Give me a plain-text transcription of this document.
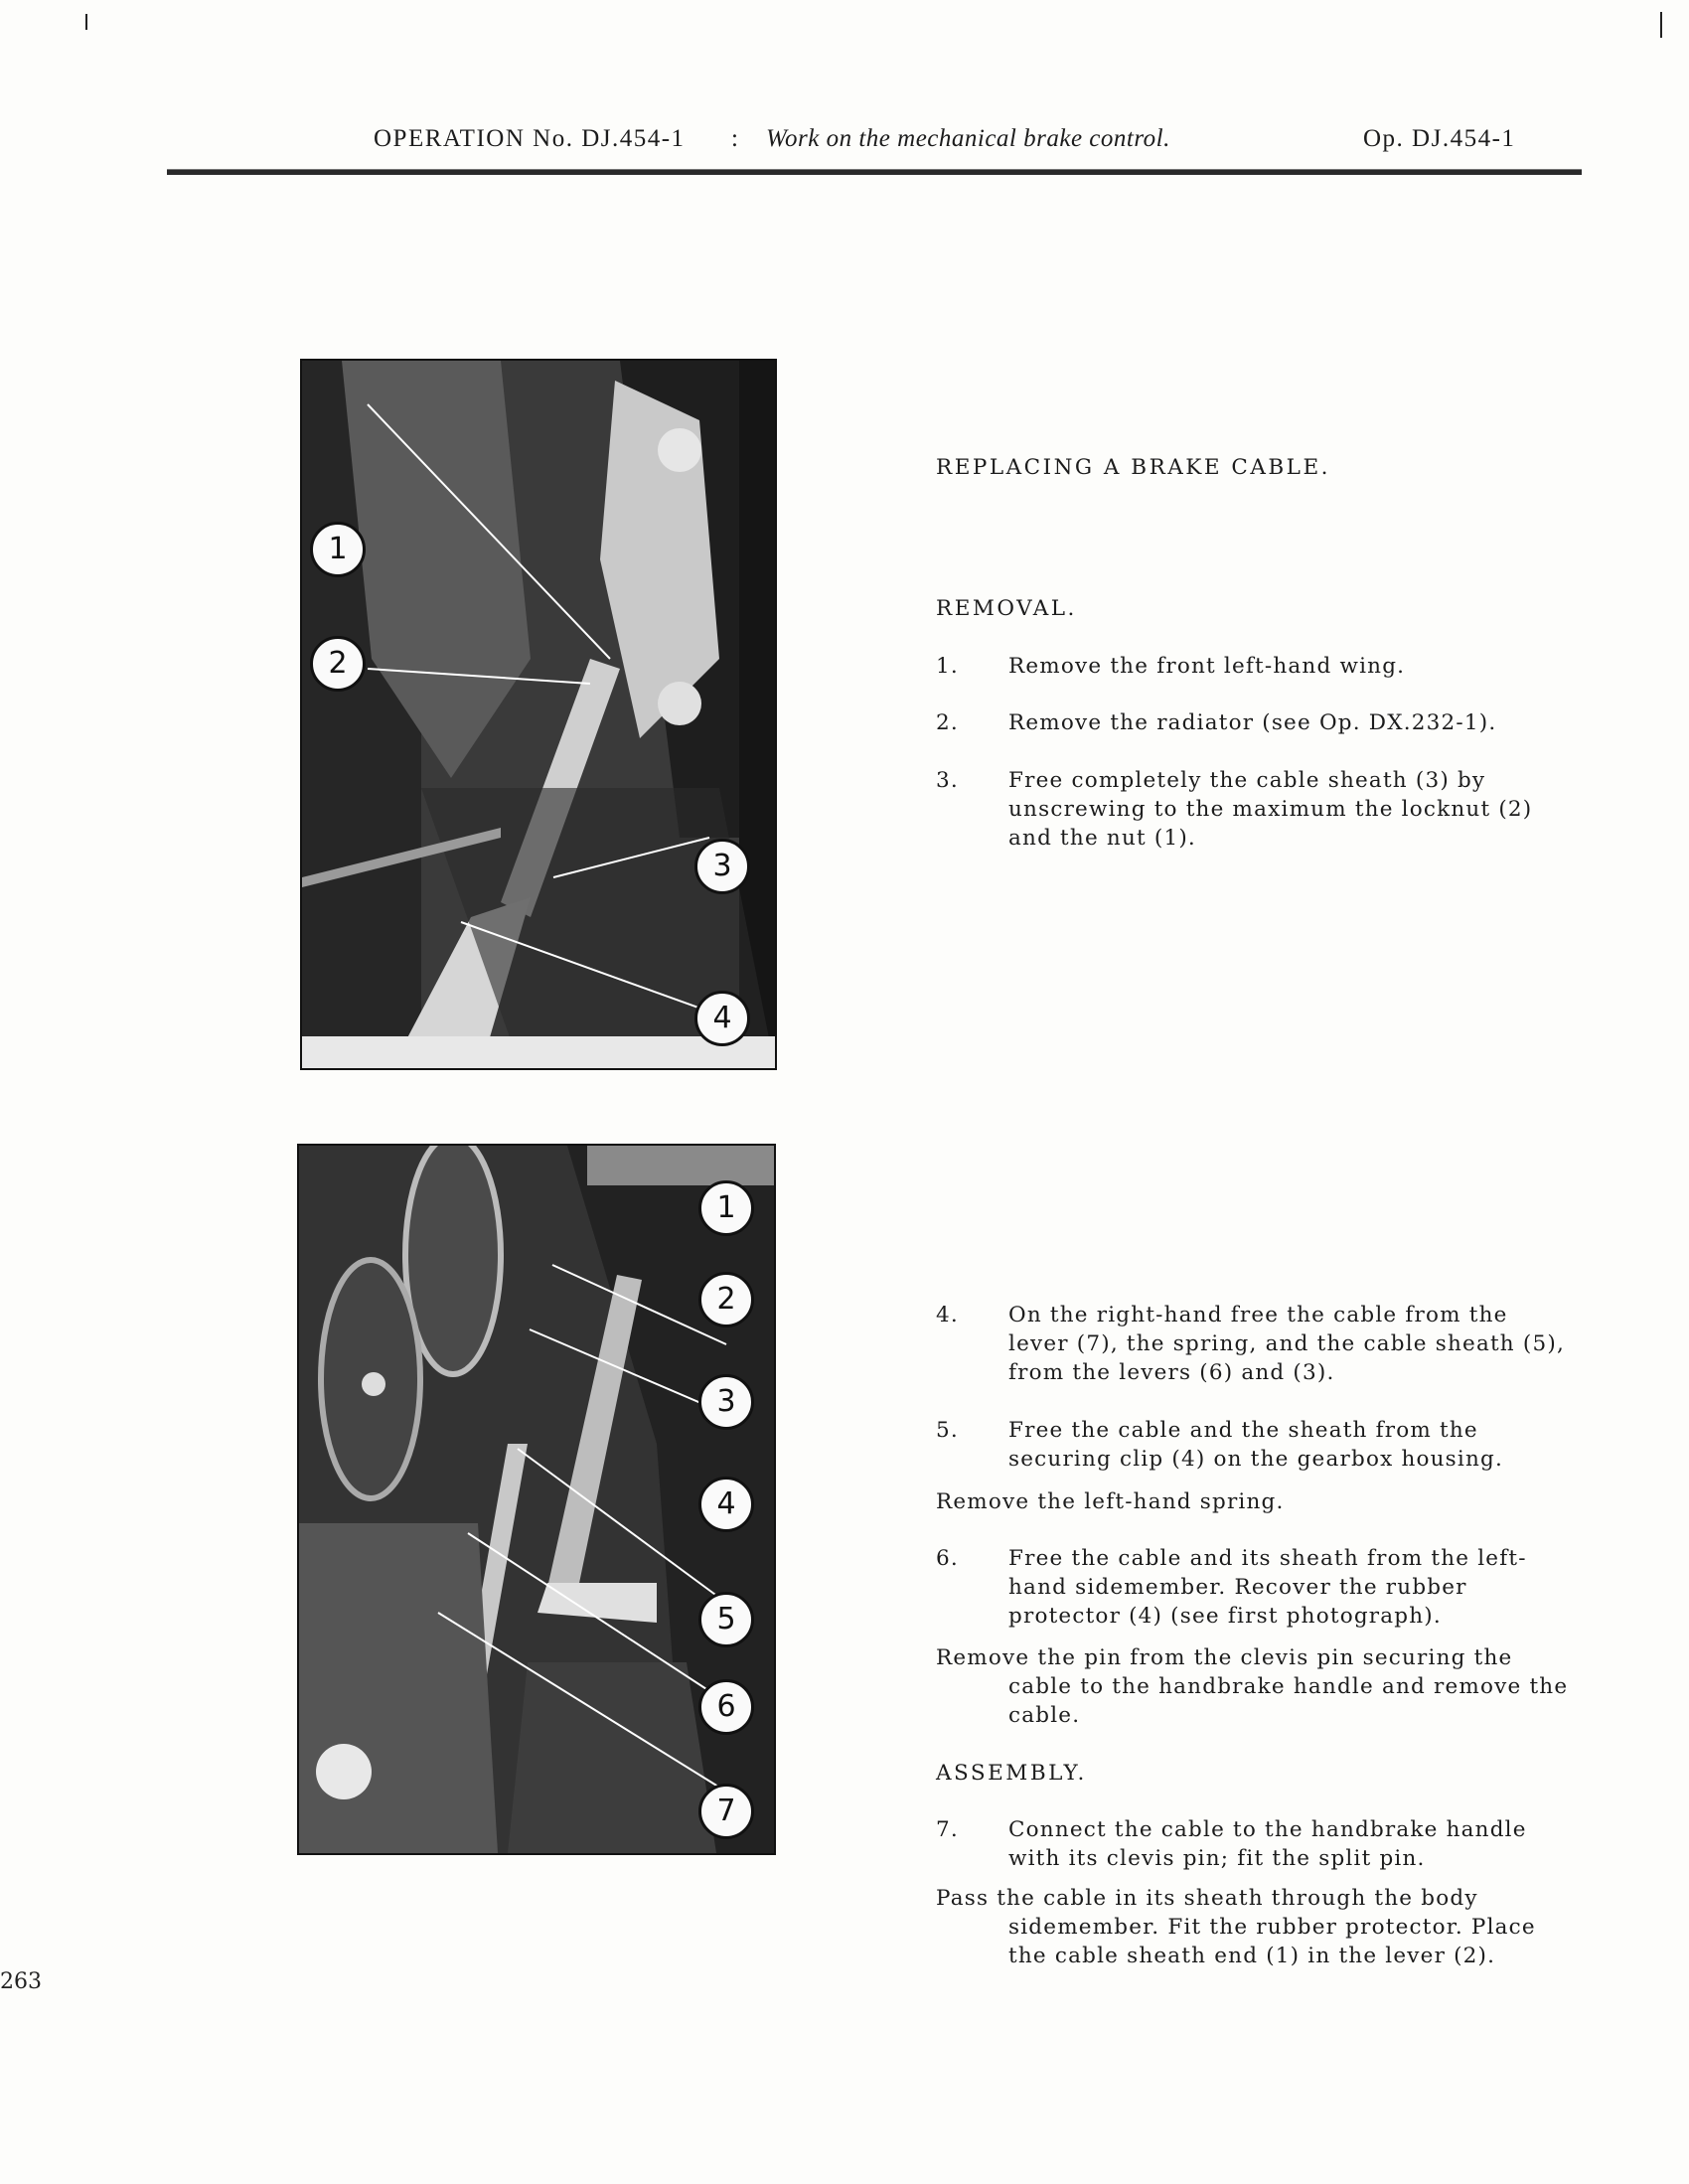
OPERATION No. DJ.454-1 : Work on the mechanical brake control.	Op. DJ.454-1
1
2
3
4
1
2
3
4
5
6
7
REPLACING A BRAKE CABLE.
REMOVAL.
1. Remove the front left-hand wing.
2. Remove the radiator (see Op. DX.232-1).
3. Free completely the cable sheath (3) by unscrewing to the maximum the locknut (2) and the nut (1).
4. On the right-hand free the cable from the lever (7), the spring, and the cable sheath (5), from the levers (6) and (3).
5. Free the cable and the sheath from the securing clip (4) on the gearbox housing.
Remove the left-hand spring.
6. Free the cable and its sheath from the left-hand sidemember. Recover the rubber protector (4) (see first photograph).
Remove the pin from the clevis pin securing the cable to the handbrake handle and remove the cable.
ASSEMBLY.
7. Connect the cable to the handbrake handle with its clevis pin; fit the split pin.
Pass the cable in its sheath through the body sidemember. Fit the rubber protector. Place the cable sheath end (1) in the lever (2).
263
